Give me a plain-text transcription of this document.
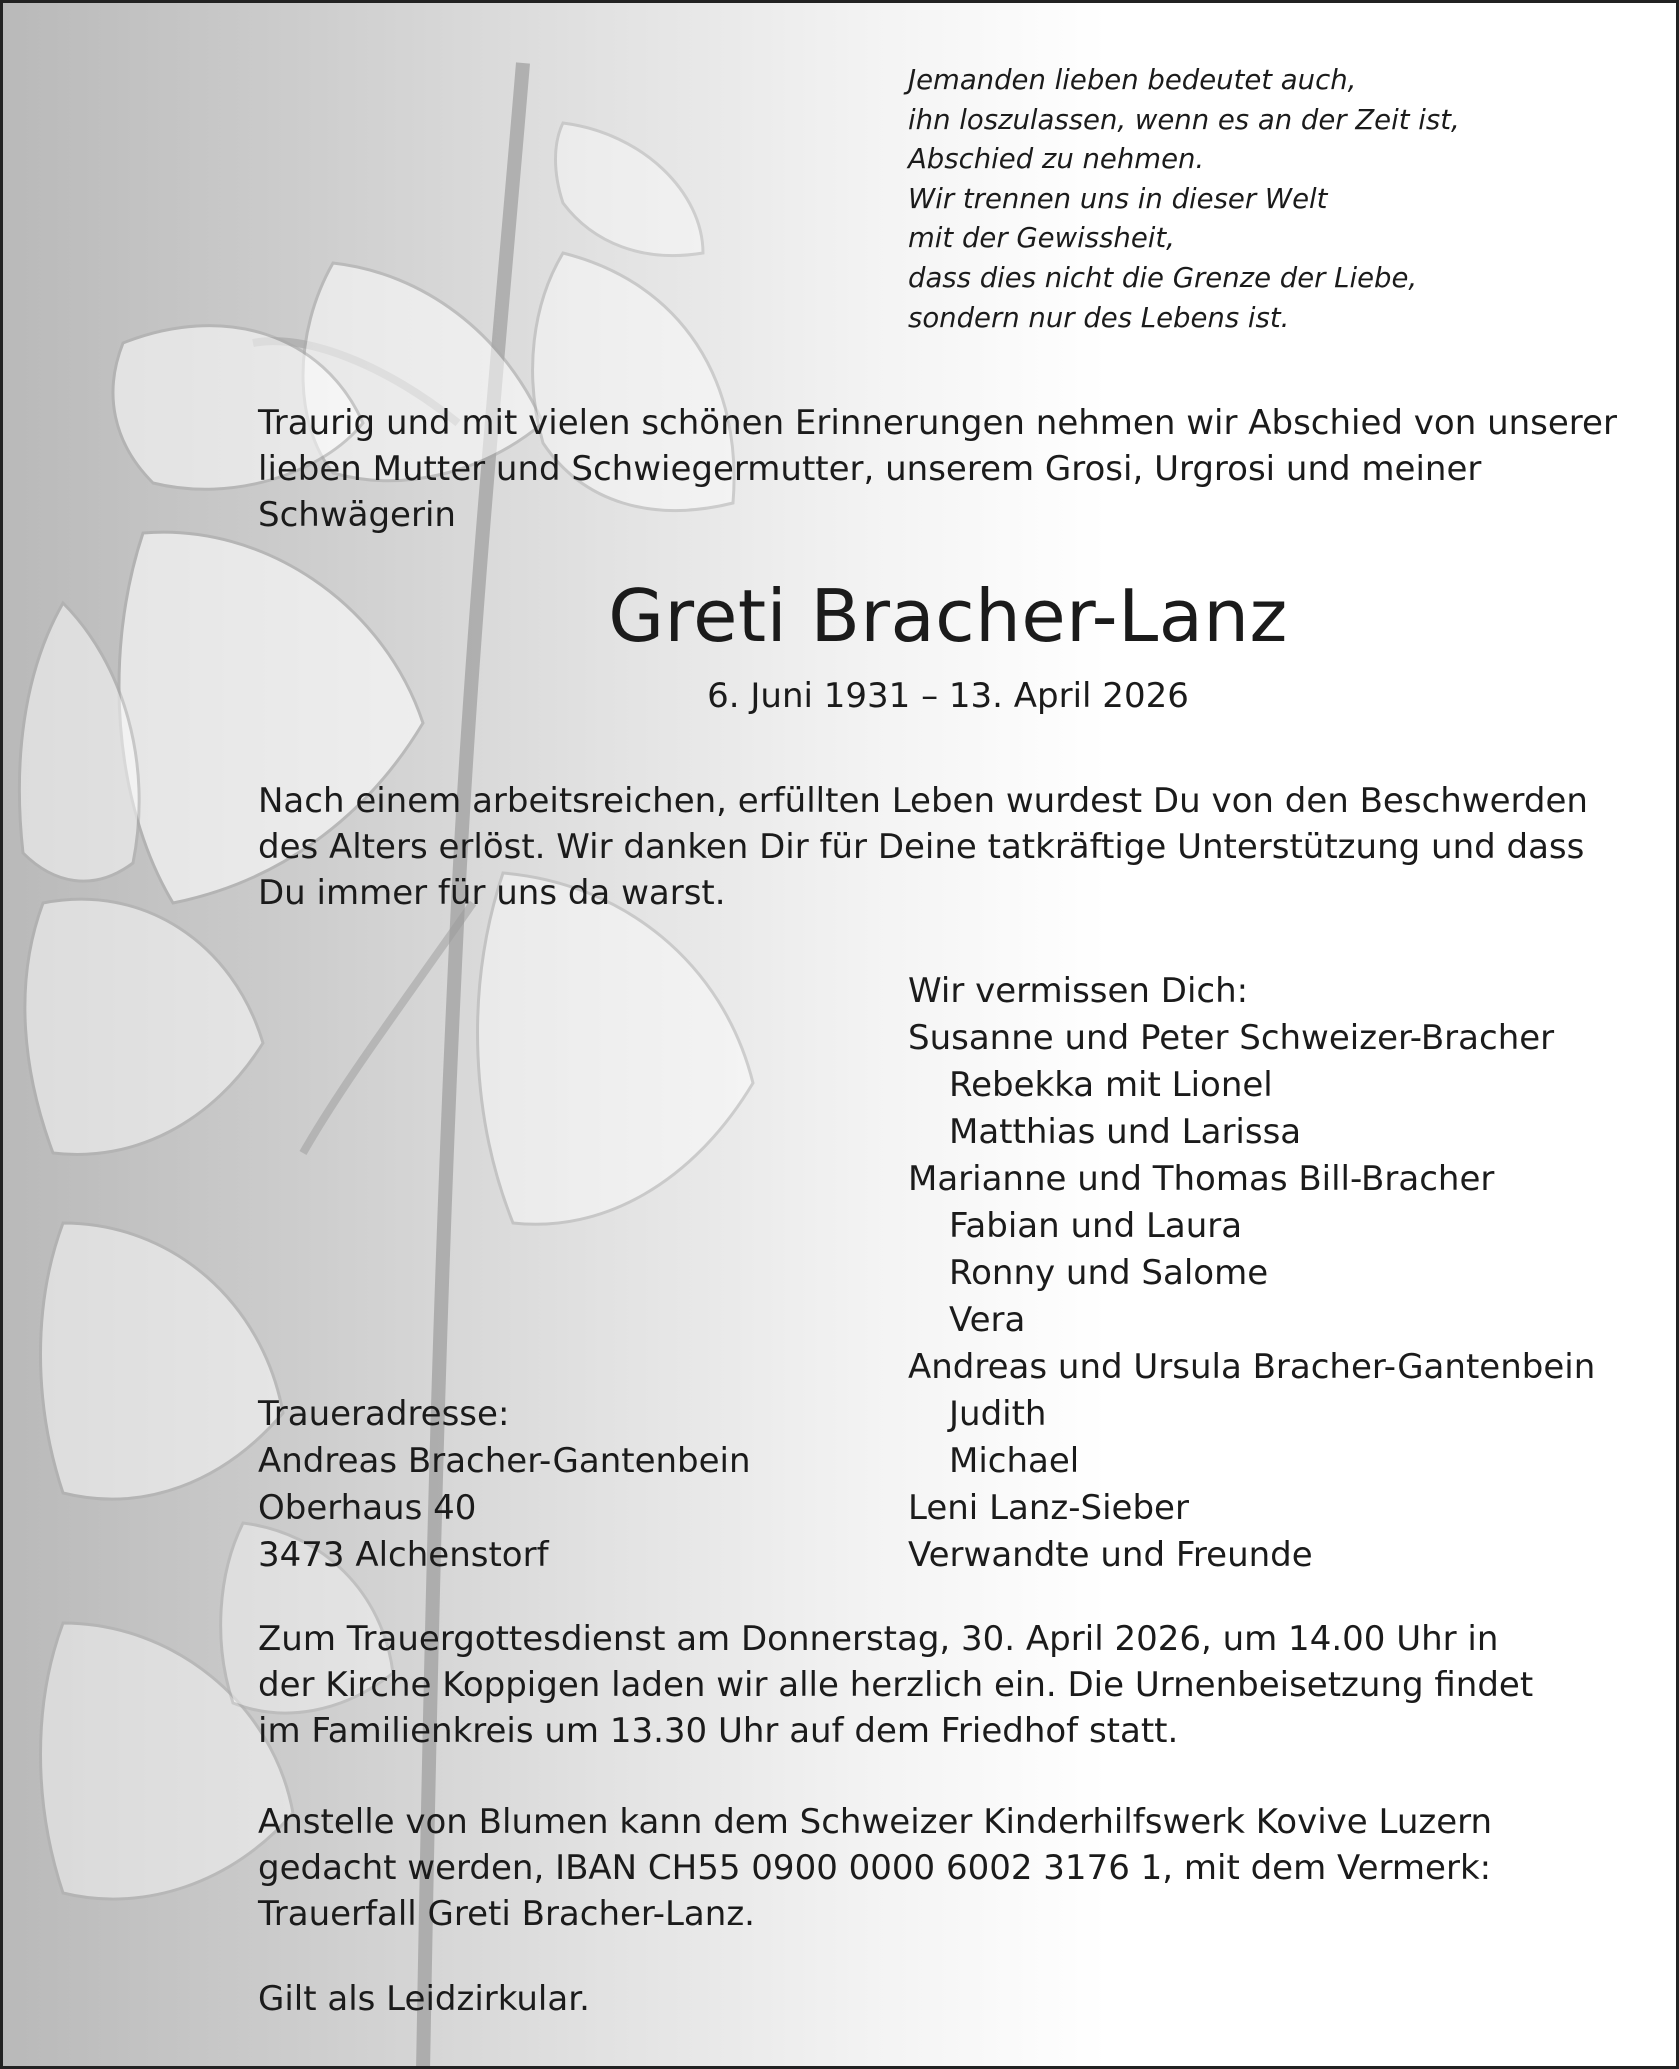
Jemanden lieben bedeutet auch,
ihn loszulassen, wenn es an der Zeit ist,
Abschied zu nehmen.
Wir trennen uns in dieser Welt
mit der Gewissheit,
dass dies nicht die Grenze der Liebe,
sondern nur des Lebens ist.
Traurig und mit vielen schönen Erinnerungen nehmen wir Abschied von unserer
lieben Mutter und Schwiegermutter, unserem Grosi, Urgrosi und meiner
Schwägerin
Greti Bracher-Lanz
6. Juni 1931 – 13. April 2026
Nach einem arbeitsreichen, erfüllten Leben wurdest Du von den Beschwerden
des Alters erlöst. Wir danken Dir für Deine tatkräftige Unterstützung und dass
Du immer für uns da warst.
Wir vermissen Dich:
Susanne und Peter Schweizer-Bracher
Rebekka mit Lionel
Matthias und Larissa
Marianne und Thomas Bill-Bracher
Fabian und Laura
Ronny und Salome
Vera
Andreas und Ursula Bracher-Gantenbein
Judith
Michael
Leni Lanz-Sieber
Verwandte und Freunde
Traueradresse:
Andreas Bracher-Gantenbein
Oberhaus 40
3473 Alchenstorf
Zum Trauergottesdienst am Donnerstag, 30. April 2026, um 14.00 Uhr in
der Kirche Koppigen laden wir alle herzlich ein. Die Urnenbeisetzung findet
im Familienkreis um 13.30 Uhr auf dem Friedhof statt.
Anstelle von Blumen kann dem Schweizer Kinderhilfswerk Kovive Luzern
gedacht werden, IBAN CH55 0900 0000 6002 3176 1, mit dem Vermerk:
Trauerfall Greti Bracher-Lanz.
Gilt als Leidzirkular.
